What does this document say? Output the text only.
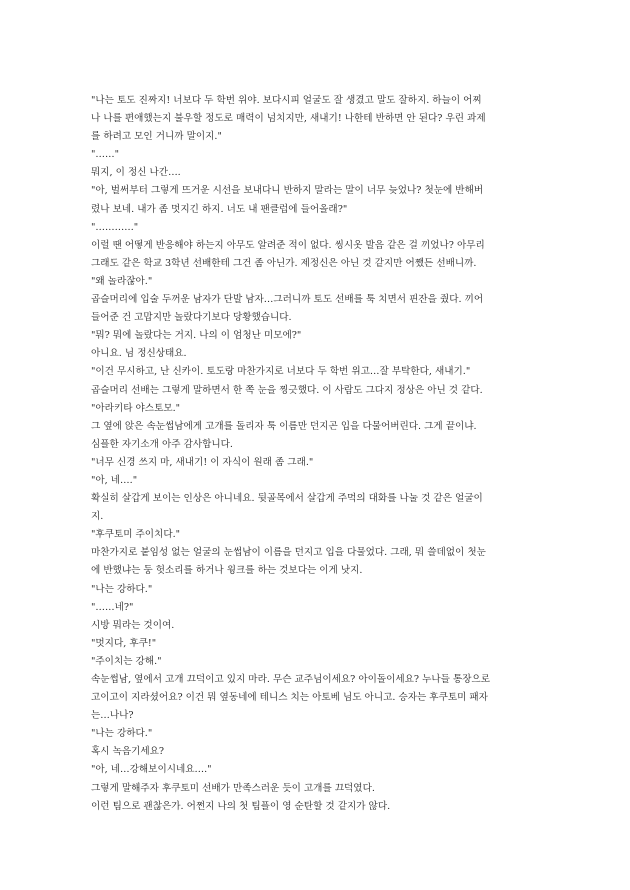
"나는 토도 진짜지! 너보다 두 학번 위야. 보다시피 얼굴도 잘 생겼고 말도 잘하지. 하늘이 어찌
나 나를 편애했는지 불우할 정도로 매력이 넘치지만, 새내기! 나한테 반하면 안 된다? 우린 과제
를 하려고 모인 거니까 말이지."
"……"
뭐지, 이 정신 나간….
"아, 벌써부터 그렇게 뜨거운 시선을 보내다니 반하지 말라는 말이 너무 늦었나? 첫눈에 반해버
렸나 보네. 내가 좀 멋지긴 하지. 너도 내 팬클럽에 들어올래?"
"…………"
이럴 땐 어떻게 반응해야 하는지 아무도 알려준 적이 없다. 씽시옷 발음 같은 걸 끼었나? 아무리
그래도 같은 학교 3학년 선배한테 그건 좀 아닌가. 제정신은 아닌 것 같지만 어쨌든 선배니까.
"왜 놀라잖아."
곱슬머리에 입술 두꺼운 남자가 단발 남자…그러니까 토도 선배를 툭 치면서 핀잔을 줬다. 끼어
들어준 건 고맙지만 놀랐다기보다 당황했습니다.
"뭐? 뭐에 놀랐다는 거지. 나의 이 엄청난 미모에?"
아니요. 님 정신상태요.
"이건 무시하고, 난 신카이. 토도랑 마찬가지로 너보다 두 학번 위고…잘 부탁한다, 새내기."
곱슬머리 선배는 그렇게 말하면서 한 쪽 눈을 찡긋했다. 이 사람도 그다지 정상은 아닌 것 같다.
"아라키타 야스토모."
그 옆에 앉은 속눈썹남에게 고개를 돌리자 툭 이름만 던지곤 입을 다물어버린다. 그게 끝이냐.
심플한 자기소개 아주 감사합니다.
"너무 신경 쓰지 마, 새내기! 이 자식이 원래 좀 그래."
"아, 네…."
확실히 살갑게 보이는 인상은 아니네요. 뒷골목에서 살갑게 주먹의 대화를 나눌 것 같은 얼굴이
지.
"후쿠토미 주이치다."
마찬가지로 붙임성 없는 얼굴의 눈썹남이 이름을 던지고 입을 다물었다. 그래, 뭐 쓸데없이 첫눈
에 반했냐는 둥 헛소리를 하거나 윙크를 하는 것보다는 이게 낫지.
"나는 강하다."
"……네?"
시방 뭐라는 것이여.
"멋지다, 후쿠!"
"주이치는 강해."
속눈썹남, 옆에서 고개 끄덕이고 있지 마라. 무슨 교주님이세요? 아이돌이세요? 누나들 통장으로
고이고이 지라셨어요? 이건 뭐 옆동네에 테니스 치는 아토베 님도 아니고. 승자는 후쿠토미 패자
는…나나?
"나는 강하다."
혹시 녹음기세요?
"아, 네…강해보이시네요…."
그렇게 말해주자 후쿠토미 선배가 만족스러운 듯이 고개를 끄덕였다.
이런 팀으로 괜찮은가. 어쩐지 나의 첫 팀플이 영 순탄할 것 같지가 않다.
